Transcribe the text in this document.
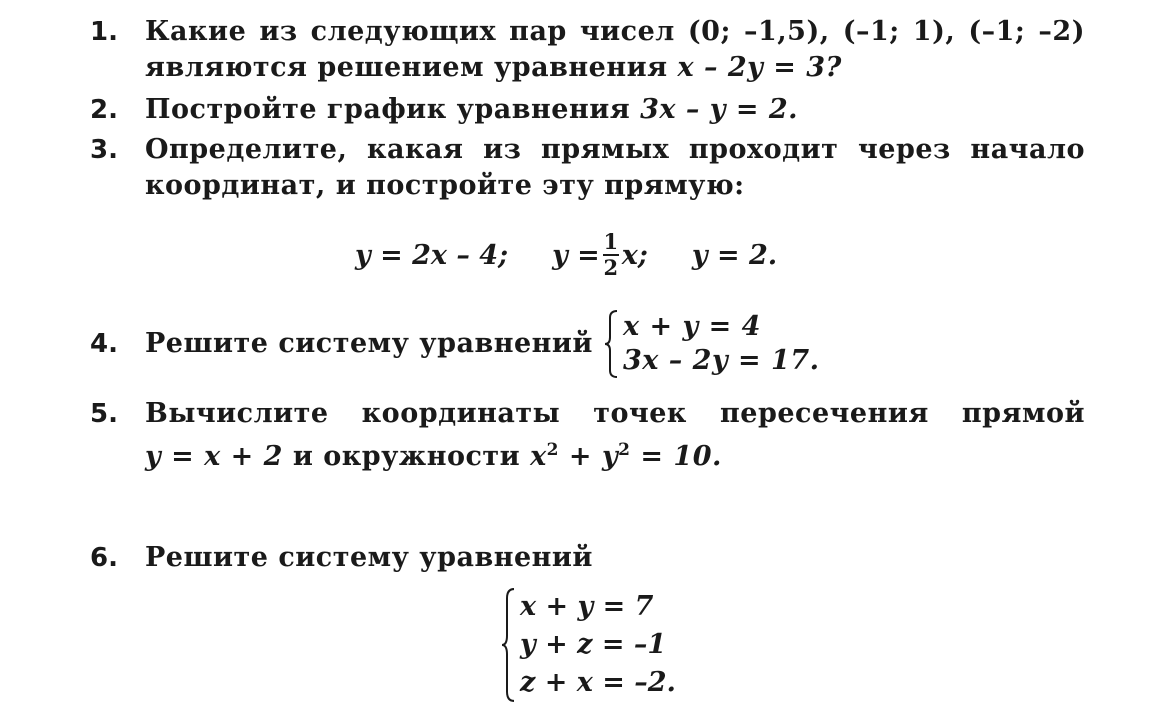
1.	Какие из следующих пар чисел (0; –1,5), (–1; 1), (–1; –2)
являются решением уравнения x – 2y = 3?
2.	Постройте график уравнения 3x – y = 2.
3.	Определите, какая из прямых проходит через начало
координат, и постройте эту прямую:
y = 2x – 4; $y = \frac{1}{2} x$; y = 2.
4.	Решите систему уравнений
x + y = 4
3x – 2y = 17.
5.	Вычислите координаты точек пересечения прямой
y = x + 2 и окружности $x^2 + y^2 = 10$.
6.	Решите систему уравнений
x + y = 7
y + z = –1
z + x = –2.
